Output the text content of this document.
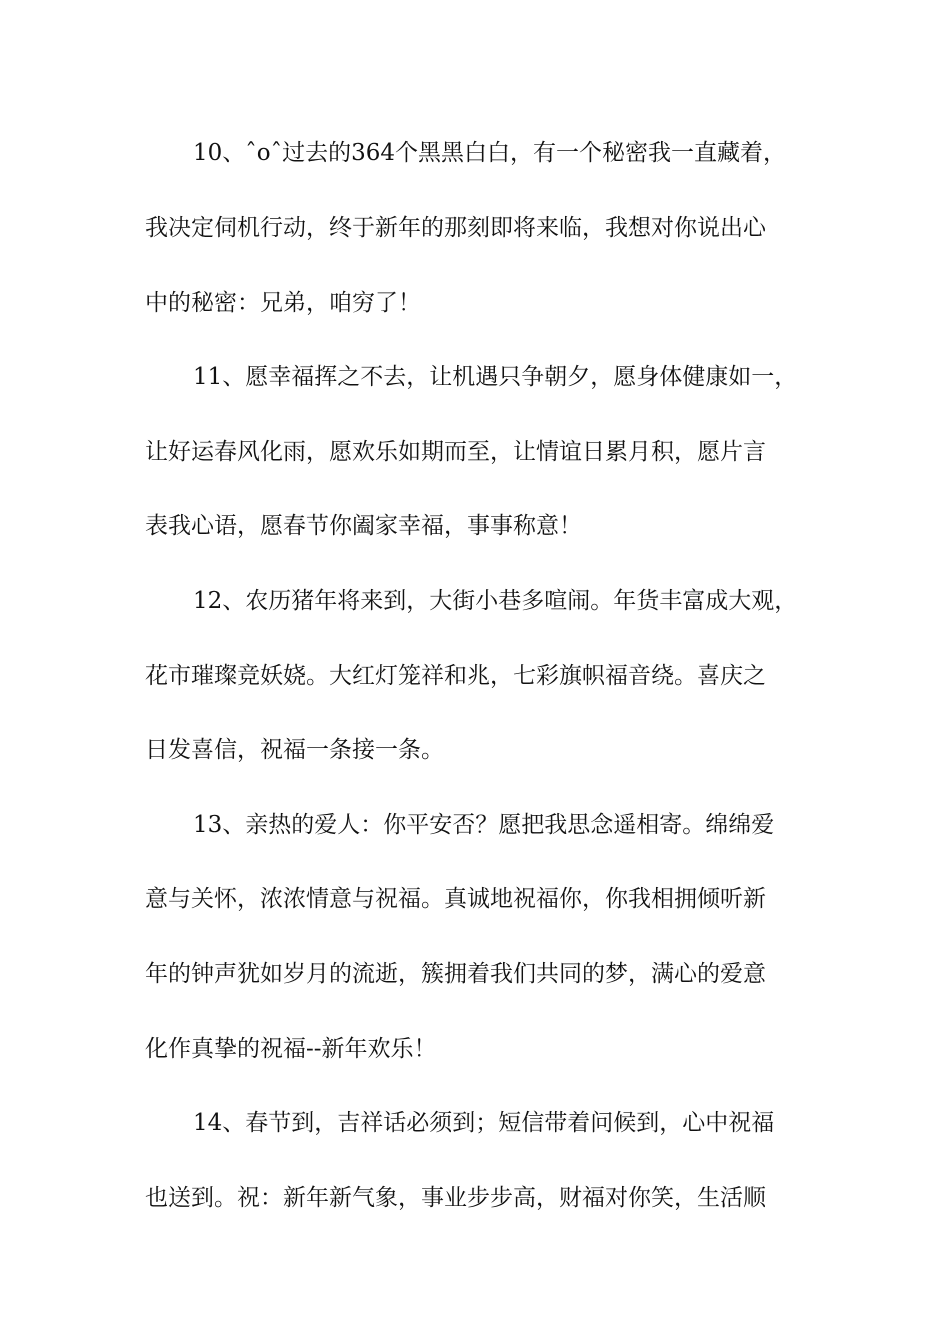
10、ˆoˆ过去的364个黑黑白白，有一个秘密我一直藏着，

我决定伺机行动，终于新年的那刻即将来临，我想对你说出心

中的秘密：兄弟，咱穷了！

11、愿幸福挥之不去，让机遇只争朝夕，愿身体健康如一，

让好运春风化雨，愿欢乐如期而至，让情谊日累月积，愿片言

表我心语，愿春节你阖家幸福，事事称意！

12、农历猪年将来到，大街小巷多喧闹。年货丰富成大观，

花市璀璨竞妖娆。大红灯笼祥和兆，七彩旗帜福音绕。喜庆之

日发喜信，祝福一条接一条。

13、亲热的爱人：你平安否？愿把我思念遥相寄。绵绵爱

意与关怀，浓浓情意与祝福。真诚地祝福你，你我相拥倾听新

年的钟声犹如岁月的流逝，簇拥着我们共同的梦，满心的爱意

化作真挚的祝福--新年欢乐！

14、春节到，吉祥话必须到；短信带着问候到，心中祝福

也送到。祝：新年新气象，事业步步高，财福对你笑，生活顺
